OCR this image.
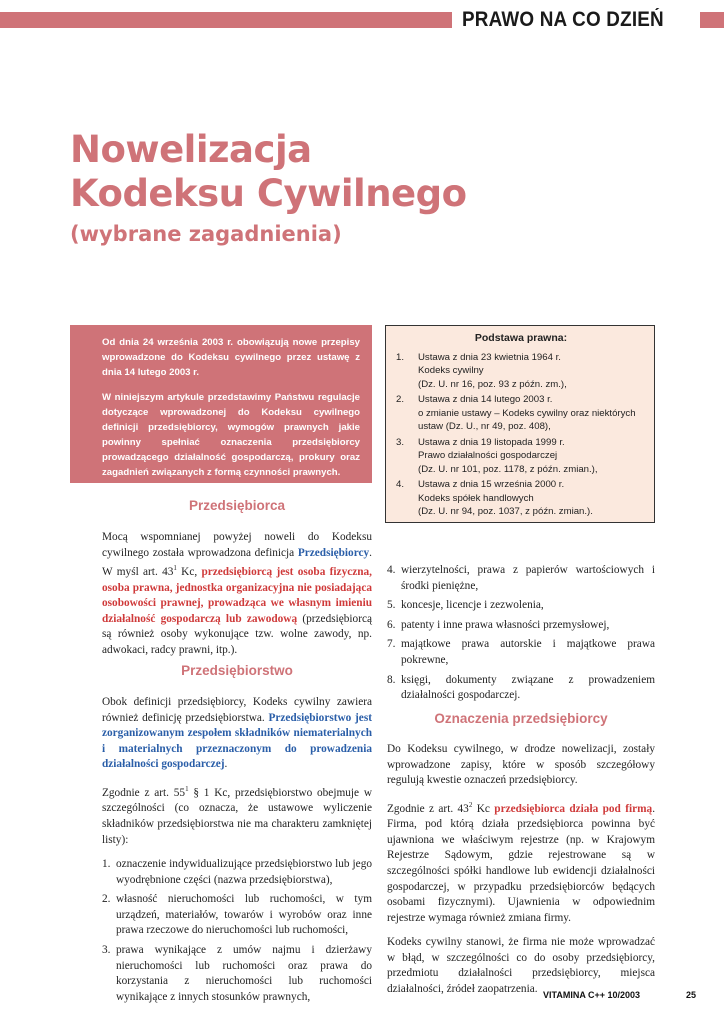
PRAWO NA CO DZIEŃ
Nowelizacja
Kodeksu Cywilnego
(wybrane zagadnienia)

Od dnia 24 września 2003 r. obowiązują nowe przepisy wprowadzone do Kodeksu cywilnego przez ustawę z dnia 14 lutego 2003 r.

W niniejszym artykule przedstawimy Państwu regulacje dotyczące wprowadzonej do Kodeksu cywilnego definicji przedsiębiorcy, wymogów prawnych jakie powinny spełniać oznaczenia przedsiębiorcy prowadzącego działalność gospodarczą, prokury oraz zagadnień związanych z formą czynności prawnych.

Podstawa prawna:
1.	Ustawa z dnia 23 kwietnia 1964 r.
Kodeks cywilny
(Dz. U. nr 16, poz. 93 z późn. zm.),
2.	Ustawa z dnia 14 lutego 2003 r.
o zmianie ustawy – Kodeks cywilny oraz niektórych
ustaw (Dz. U., nr 49, poz. 408),
3.	Ustawa z dnia 19 listopada 1999 r.
Prawo działalności gospodarczej
(Dz. U. nr 101, poz. 1178, z późn. zmian.),
4.	Ustawa z dnia 15 września 2000 r.
Kodeks spółek handlowych
(Dz. U. nr 94, poz. 1037, z późn. zmian.).
Przedsiębiorca

Mocą wspomnianej powyżej noweli do Kodeksu cywilnego została wprowadzona definicja Przedsiębiorcy. W myśl art. $43^1$ Kc, przedsiębiorcą jest osoba fizyczna, osoba prawna, jednostka organizacyjna nie posiadająca osobowości prawnej, prowadząca we własnym imieniu działalność gospodarczą lub zawodową (przedsiębiorcą są również osoby wykonujące tzw. wolne zawody, np. adwokaci, radcy prawni, itp.).

Przedsiębiorstwo

Obok definicji przedsiębiorcy, Kodeks cywilny zawiera również definicję przedsiębiorstwa. Przedsiębiorstwo jest zorganizowanym zespołem składników niematerialnych i materialnych przeznaczonym do prowadzenia działalności gospodarczej.

Zgodnie z art. $55^1$ § 1 Kc, przedsiębiorstwo obejmuje w szczególności (co oznacza, że ustawowe wyliczenie składników przedsiębiorstwa nie ma charakteru zamkniętej listy):

1. oznaczenie indywidualizujące przedsiębiorstwo lub jego wyodrębnione części (nazwa przedsiębiorstwa),
2. własność nieruchomości lub ruchomości, w tym urządzeń, materiałów, towarów i wyrobów oraz inne prawa rzeczowe do nieruchomości lub ruchomości,
3. prawa wynikające z umów najmu i dzierżawy nieruchomości lub ruchomości oraz prawa do korzystania z nieruchomości lub ruchomości wynikające z innych stosunków prawnych,
4. wierzytelności, prawa z papierów wartościowych i środki pieniężne,
5. koncesje, licencje i zezwolenia,
6. patenty i inne prawa własności przemysłowej,
7. majątkowe prawa autorskie i majątkowe prawa pokrewne,
8. księgi, dokumenty związane z prowadzeniem działalności gospodarczej.
Oznaczenia przedsiębiorcy

Do Kodeksu cywilnego, w drodze nowelizacji, zostały wprowadzone zapisy, które w sposób szczegółowy regulują kwestie oznaczeń przedsiębiorcy.

Zgodnie z art. $43^2$ Kc przedsiębiorca działa pod firmą. Firma, pod którą działa przedsiębiorca powinna być ujawniona we właściwym rejestrze (np. w Krajowym Rejestrze Sądowym, gdzie rejestrowane są w szczególności spółki handlowe lub ewidencji działalności gospodarczej, w przypadku przedsiębiorców będących osobami fizycznymi). Ujawnienia w odpowiednim rejestrze wymaga również zmiana firmy.

Kodeks cywilny stanowi, że firma nie może wprowadzać w błąd, w szczególności co do osoby przedsiębiorcy, przedmiotu działalności przedsiębiorcy, miejsca działalności, źródeł zaopatrzenia. VITAMINA C++ 10/2003	25
